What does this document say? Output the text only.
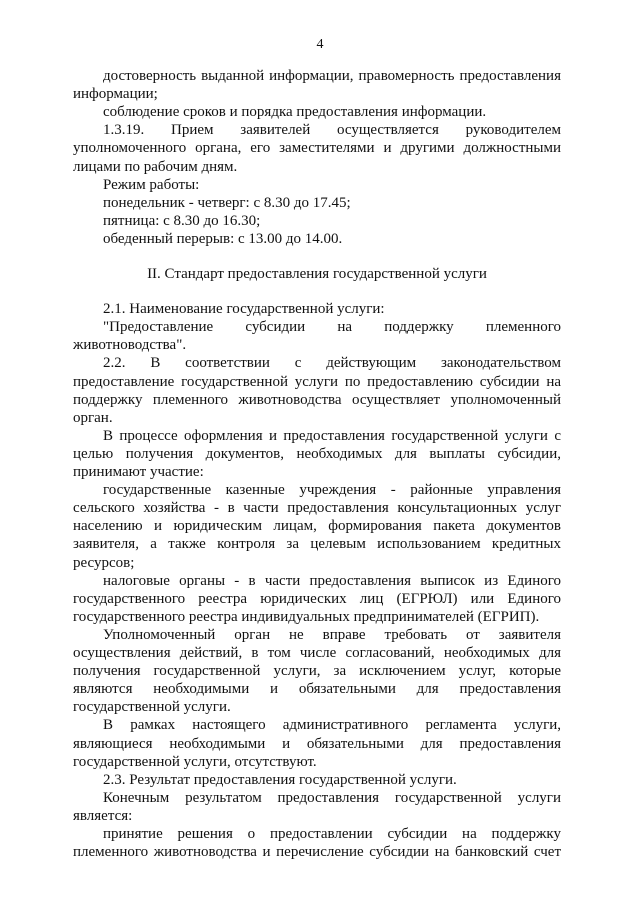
4
достоверность выданной информации, правомерность предоставления
информации;
соблюдение сроков и порядка предоставления информации.
1.3.19. Прием заявителей осуществляется руководителем
уполномоченного органа, его заместителями и другими должностными
лицами по рабочим дням.
Режим работы:
понедельник - четверг: с 8.30 до 17.45;
пятница: с 8.30 до 16.30;
обеденный перерыв: с 13.00 до 14.00.
II. Стандарт предоставления государственной услуги
2.1. Наименование государственной услуги:
"Предоставление субсидии на поддержку племенного
животноводства".
2.2. В соответствии с действующим законодательством
предоставление государственной услуги по предоставлению субсидии на
поддержку племенного животноводства осуществляет уполномоченный
орган.
В процессе оформления и предоставления государственной услуги с
целью получения документов, необходимых для выплаты субсидии,
принимают участие:
государственные казенные учреждения - районные управления
сельского хозяйства - в части предоставления консультационных услуг
населению и юридическим лицам, формирования пакета документов
заявителя, а также контроля за целевым использованием кредитных
ресурсов;
налоговые органы - в части предоставления выписок из Единого
государственного реестра юридических лиц (ЕГРЮЛ) или Единого
государственного реестра индивидуальных предпринимателей (ЕГРИП).
Уполномоченный орган не вправе требовать от заявителя
осуществления действий, в том числе согласований, необходимых для
получения государственной услуги, за исключением услуг, которые
являются необходимыми и обязательными для предоставления
государственной услуги.
В рамках настоящего административного регламента услуги,
являющиеся необходимыми и обязательными для предоставления
государственной услуги, отсутствуют.
2.3. Результат предоставления государственной услуги.
Конечным результатом предоставления государственной услуги
является:
принятие решения о предоставлении субсидии на поддержку
племенного животноводства и перечисление субсидии на банковский счет
